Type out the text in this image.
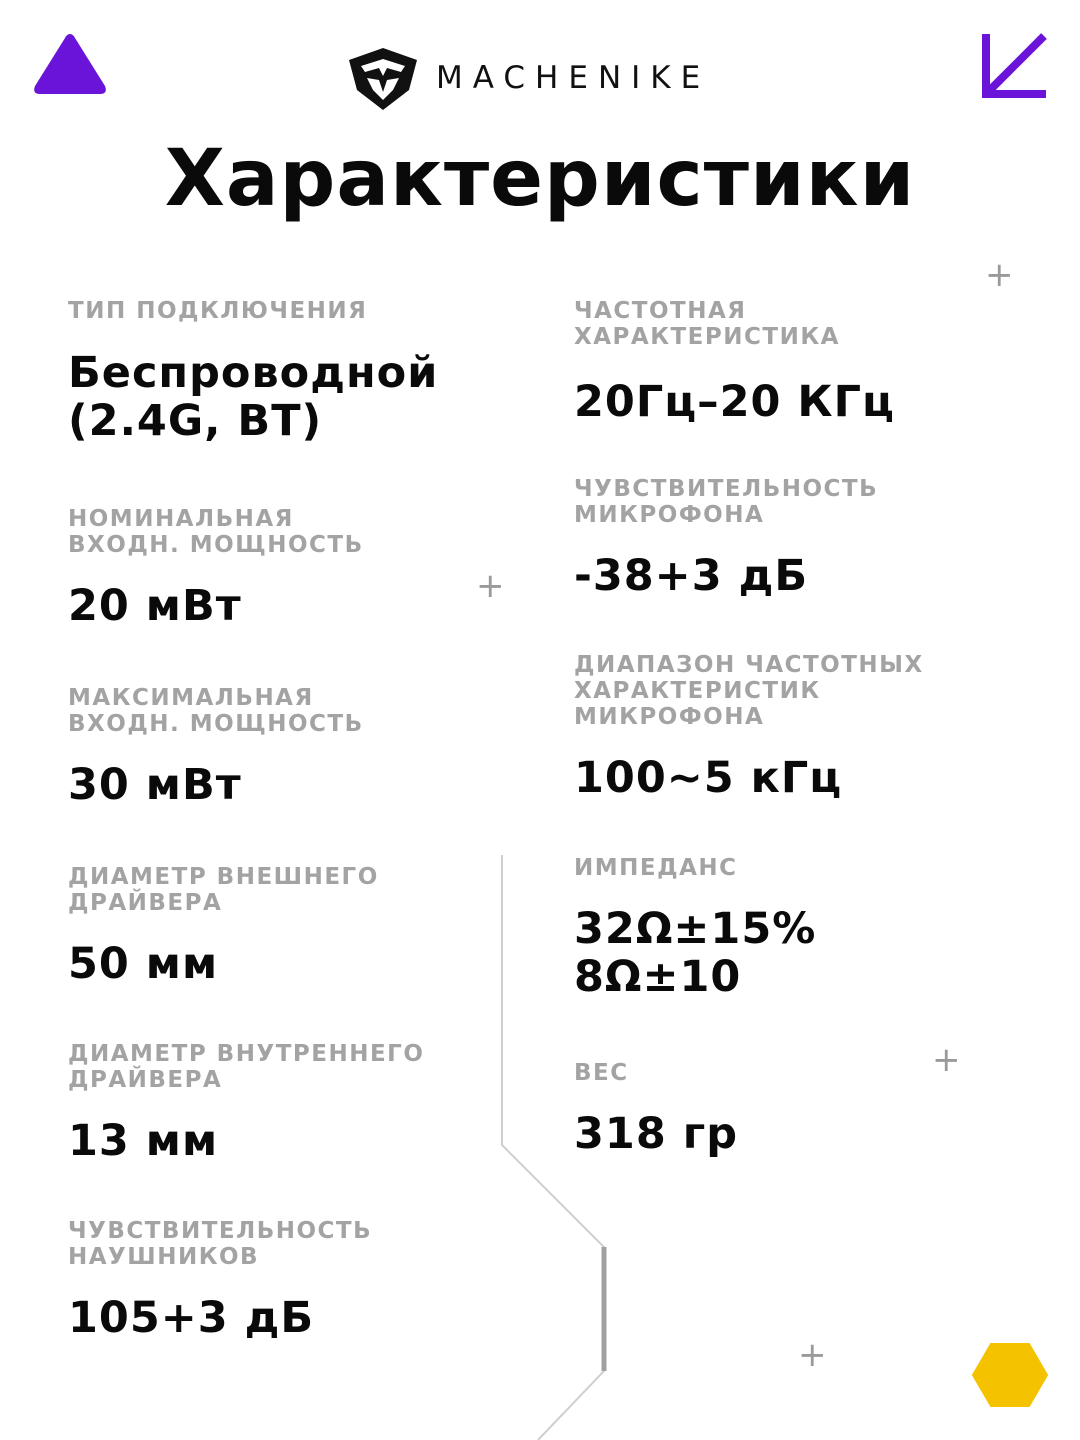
+
+
+
+
MACHENIKE
Характеристики
ТИП ПОДКЛЮЧЕНИЯ
Беспроводной
(2.4G, BT)
НОМИНАЛЬНАЯ
ВХОДН. МОЩНОСТЬ
20 мВт
МАКСИМАЛЬНАЯ
ВХОДН. МОЩНОСТЬ
30 мВт
ДИАМЕТР ВНЕШНЕГО
ДРАЙВЕРА
50 мм
ДИАМЕТР ВНУТРЕННЕГО
ДРАЙВЕРА
13 мм
ЧУВСТВИТЕЛЬНОСТЬ
НАУШНИКОВ
105+3 дБ
ЧАСТОТНАЯ
ХАРАКТЕРИСТИКА
20Гц–20 КГц
ЧУВСТВИТЕЛЬНОСТЬ
МИКРОФОНА
-38+3 дБ
ДИАПАЗОН ЧАСТОТНЫХ
ХАРАКТЕРИСТИК
МИКРОФОНА
100~5 кГц
ИМПЕДАНС
32Ω±15%
8Ω±10
ВЕС
318 гр
